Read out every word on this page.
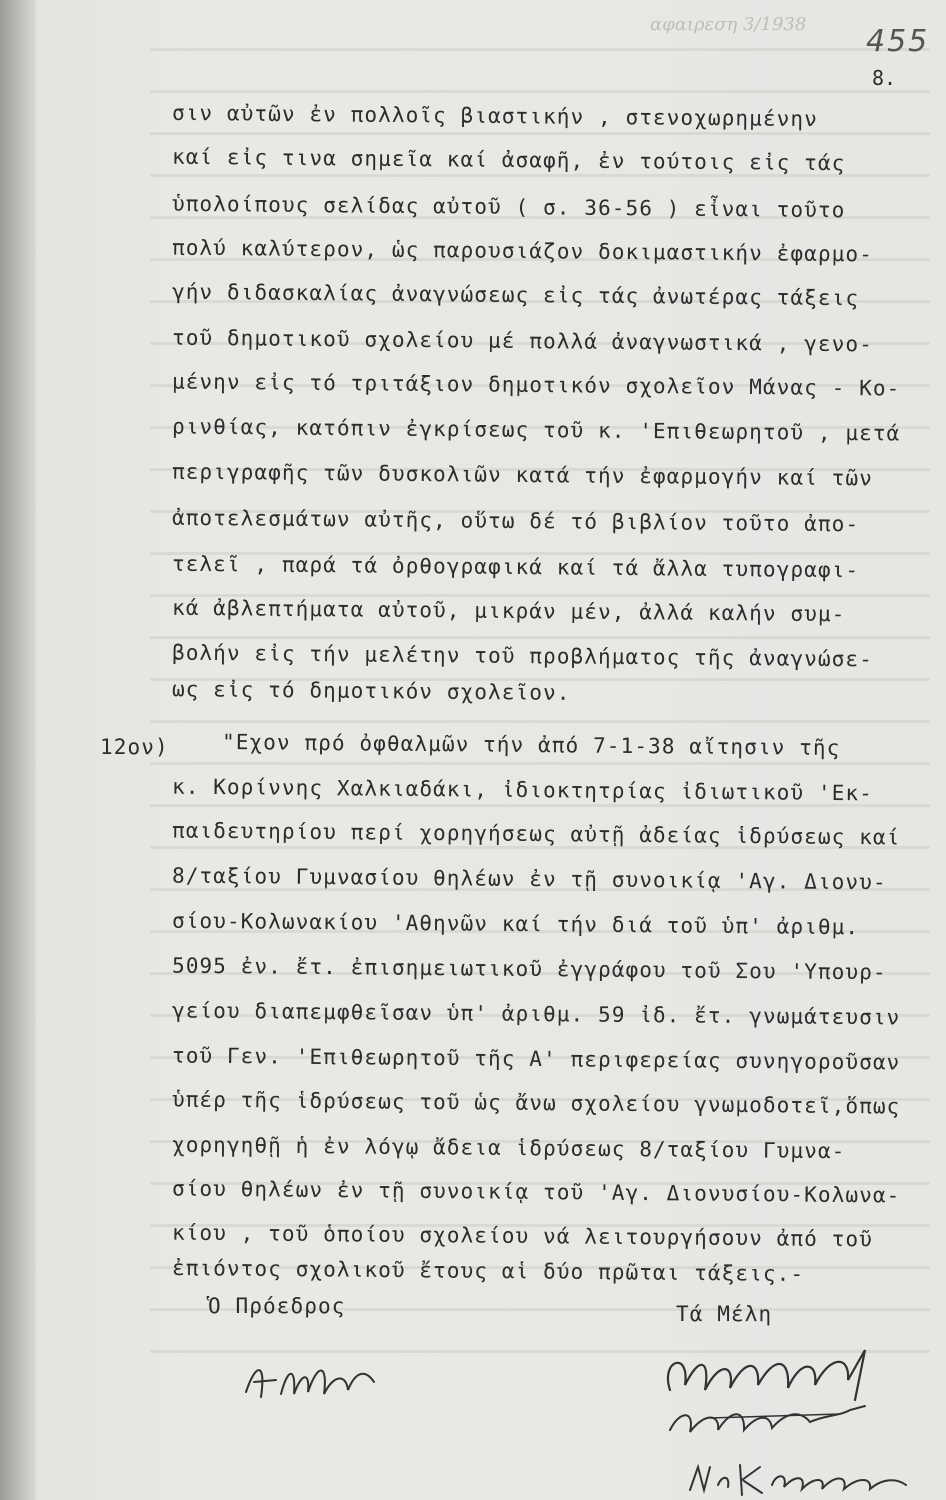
αφαιρεση 3/1938 455
8.
σιν αὐτῶν ἐν πολλοῖς βιαστικήν , στενοχωρημένην
καί εἰς τινα σημεῖα καί ἀσαφῆ, ἐν τούτοις εἰς τάς
ὑπολοίπους σελίδας αὐτοῦ ( σ. 36-56 ) εἶναι τοῦτο
πολύ καλύτερον, ὡς παρουσιάζον δοκιμαστικήν ἐφαρμο-
γήν διδασκαλίας ἀναγνώσεως εἰς τάς ἀνωτέρας τάξεις
τοῦ δημοτικοῦ σχολείου μέ πολλά ἀναγνωστικά , γενο-
μένην εἰς τό τριτάξιον δημοτικόν σχολεῖον Μάνας - Κο-
ρινθίας, κατόπιν ἐγκρίσεως τοῦ κ. 'Επιθεωρητοῦ , μετά
περιγραφῆς τῶν δυσκολιῶν κατά τήν ἐφαρμογήν καί τῶν
ἀποτελεσμάτων αὐτῆς, οὕτω δέ τό βιβλίον τοῦτο ἀπο-
τελεῖ , παρά τά ὀρθογραφικά καί τά ἄλλα τυπογραφι-
κά ἀβλεπτήματα αὐτοῦ, μικράν μέν, ἀλλά καλήν συμ-
βολήν εἰς τήν μελέτην τοῦ προβλήματος τῆς ἀναγνώσε-
ως εἰς τό δημοτικόν σχολεῖον.
12ον)	"Εχον πρό ὀφθαλμῶν τήν ἀπό 7-1-38 αἴτησιν τῆς
κ. Κορίννης Χαλκιαδάκι, ἰδιοκτητρίας ἰδιωτικοῦ 'Εκ-
παιδευτηρίου περί χορηγήσεως αὐτῇ ἀδείας ἱδρύσεως καί
8/ταξίου Γυμνασίου θηλέων ἐν τῇ συνοικίᾳ 'Αγ. Διονυ-
σίου-Κολωνακίου 'Αθηνῶν καί τήν διά τοῦ ὑπ' ἀριθμ.
5095 ἐν. ἔτ. ἐπισημειωτικοῦ ἐγγράφου τοῦ Σου 'Υπουρ-
γείου διαπεμφθεῖσαν ὑπ' ἀριθμ. 59 ἰδ. ἔτ. γνωμάτευσιν
τοῦ Γεν. 'Επιθεωρητοῦ τῆς Α' περιφερείας συνηγοροῦσαν
ὑπέρ τῆς ἱδρύσεως τοῦ ὡς ἄνω σχολείου γνωμοδοτεῖ,ὅπως
χορηγηθῇ ἡ ἐν λόγῳ ἄδεια ἱδρύσεως 8/ταξίου Γυμνα-
σίου θηλέων ἐν τῇ συνοικίᾳ τοῦ 'Αγ. Διονυσίου-Κολωνα-
κίου , τοῦ ὁποίου σχολείου νά λειτουργήσουν ἀπό τοῦ
ἐπιόντος σχολικοῦ ἔτους αἱ δύο πρῶται τάξεις.-
Ὁ Πρόεδρος	Τά Μέλη
